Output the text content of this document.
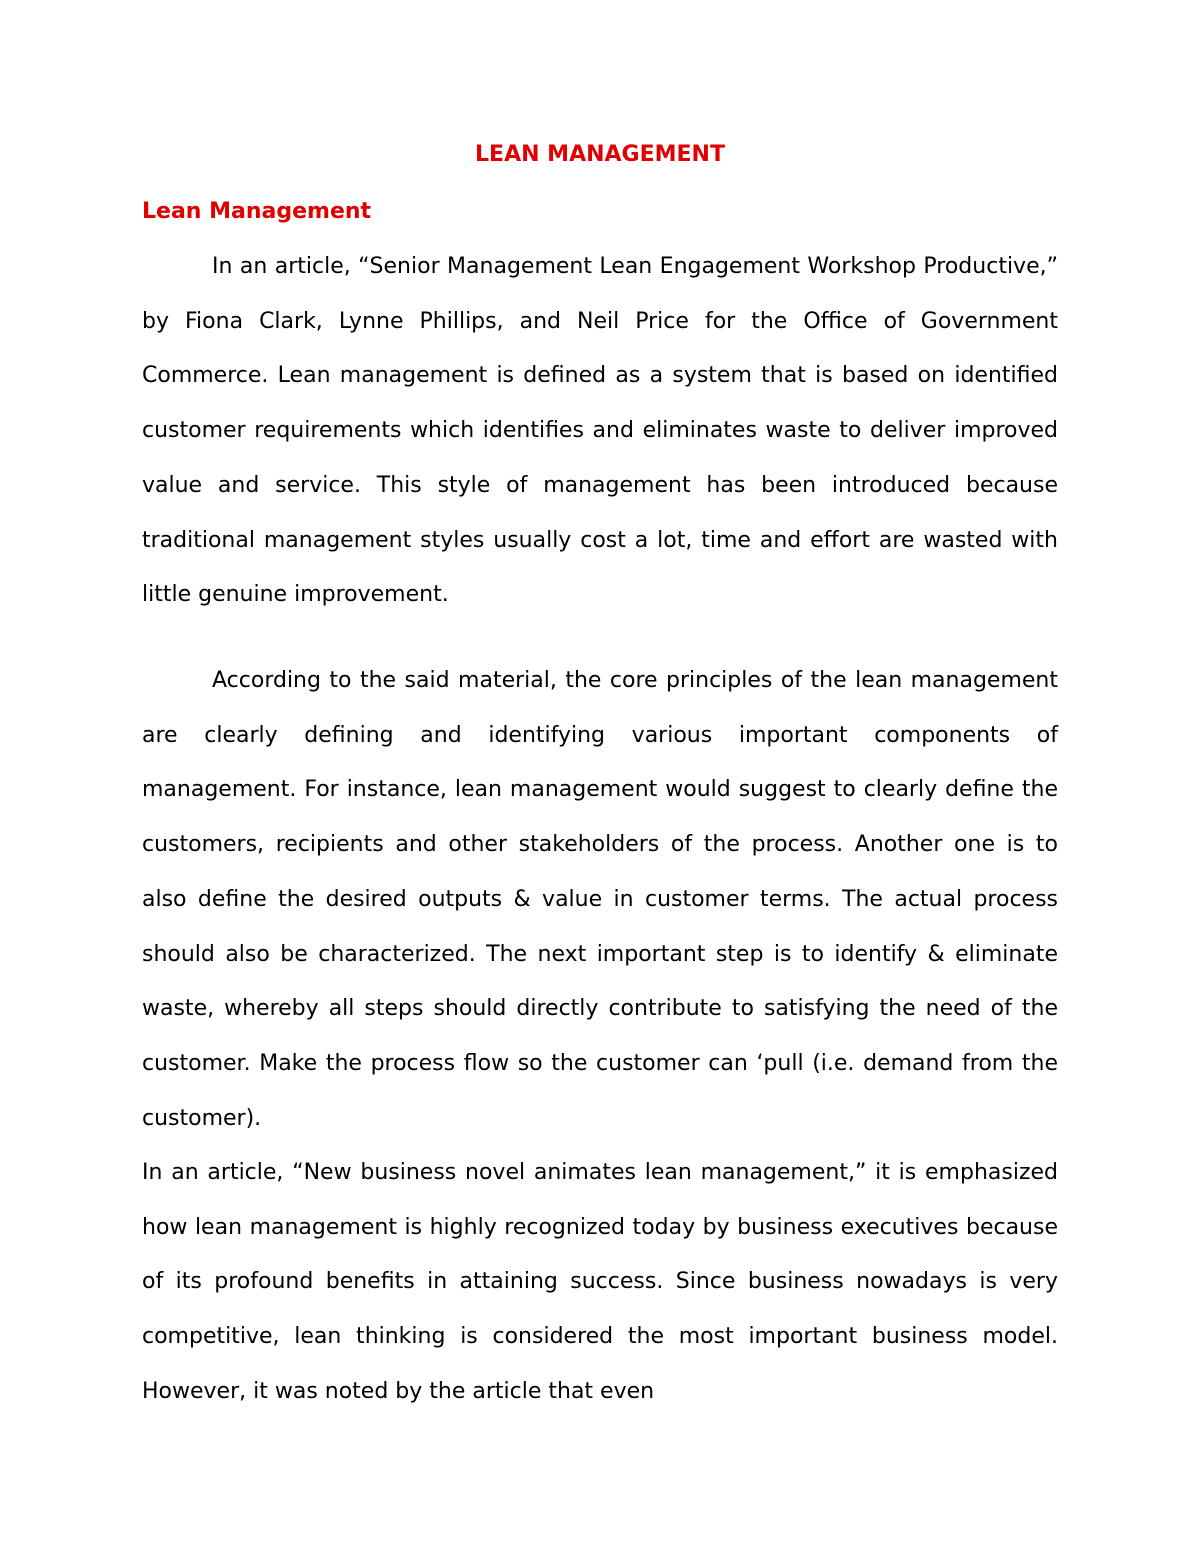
LEAN MANAGEMENT
Lean Management

In an article, “Senior Management Lean Engagement Workshop Productive,” by Fiona Clark, Lynne Phillips, and Neil Price for the Office of Government Commerce. Lean management is defined as a system that is based on identified customer requirements which identifies and eliminates waste to deliver improved value and service. This style of management has been introduced because traditional management styles usually cost a lot, time and effort are wasted with little genuine improvement.

According to the said material, the core principles of the lean management are clearly defining and identifying various important components of management. For instance, lean management would suggest to clearly define the customers, recipients and other stakeholders of the process. Another one is to also define the desired outputs & value in customer terms. The actual process should also be characterized. The next important step is to identify & eliminate waste, whereby all steps should directly contribute to satisfying the need of the customer. Make the process flow so the customer can ‘pull (i.e. demand from the customer).

In an article, “New business novel animates lean management,” it is emphasized how lean management is highly recognized today by business executives because of its profound benefits in attaining success. Since business nowadays is very competitive, lean thinking is considered the most important business model. However, it was noted by the article that even
